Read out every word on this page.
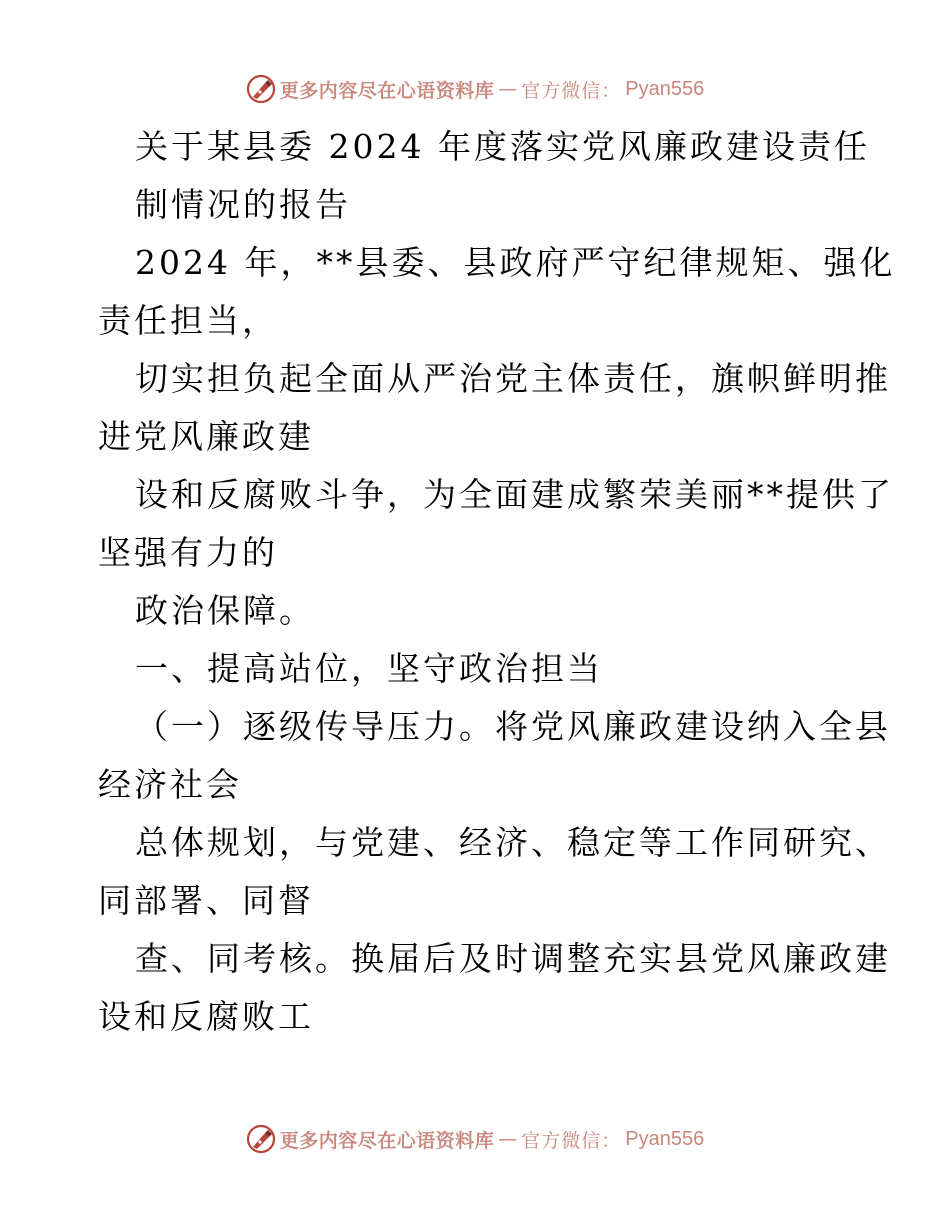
更多内容尽在心语资料库 — 官方微信： Pyan556
关于某县委 2024 年度落实党风廉政建设责任
制情况的报告
2024 年，**县委、县政府严守纪律规矩、强化
责任担当，
切实担负起全面从严治党主体责任，旗帜鲜明推
进党风廉政建
设和反腐败斗争，为全面建成繁荣美丽**提供了
坚强有力的
政治保障。
一、提高站位，坚守政治担当
（一）逐级传导压力。将党风廉政建设纳入全县
经济社会
总体规划，与党建、经济、稳定等工作同研究、
同部署、同督
查、同考核。换届后及时调整充实县党风廉政建
设和反腐败工
更多内容尽在心语资料库 — 官方微信： Pyan556
